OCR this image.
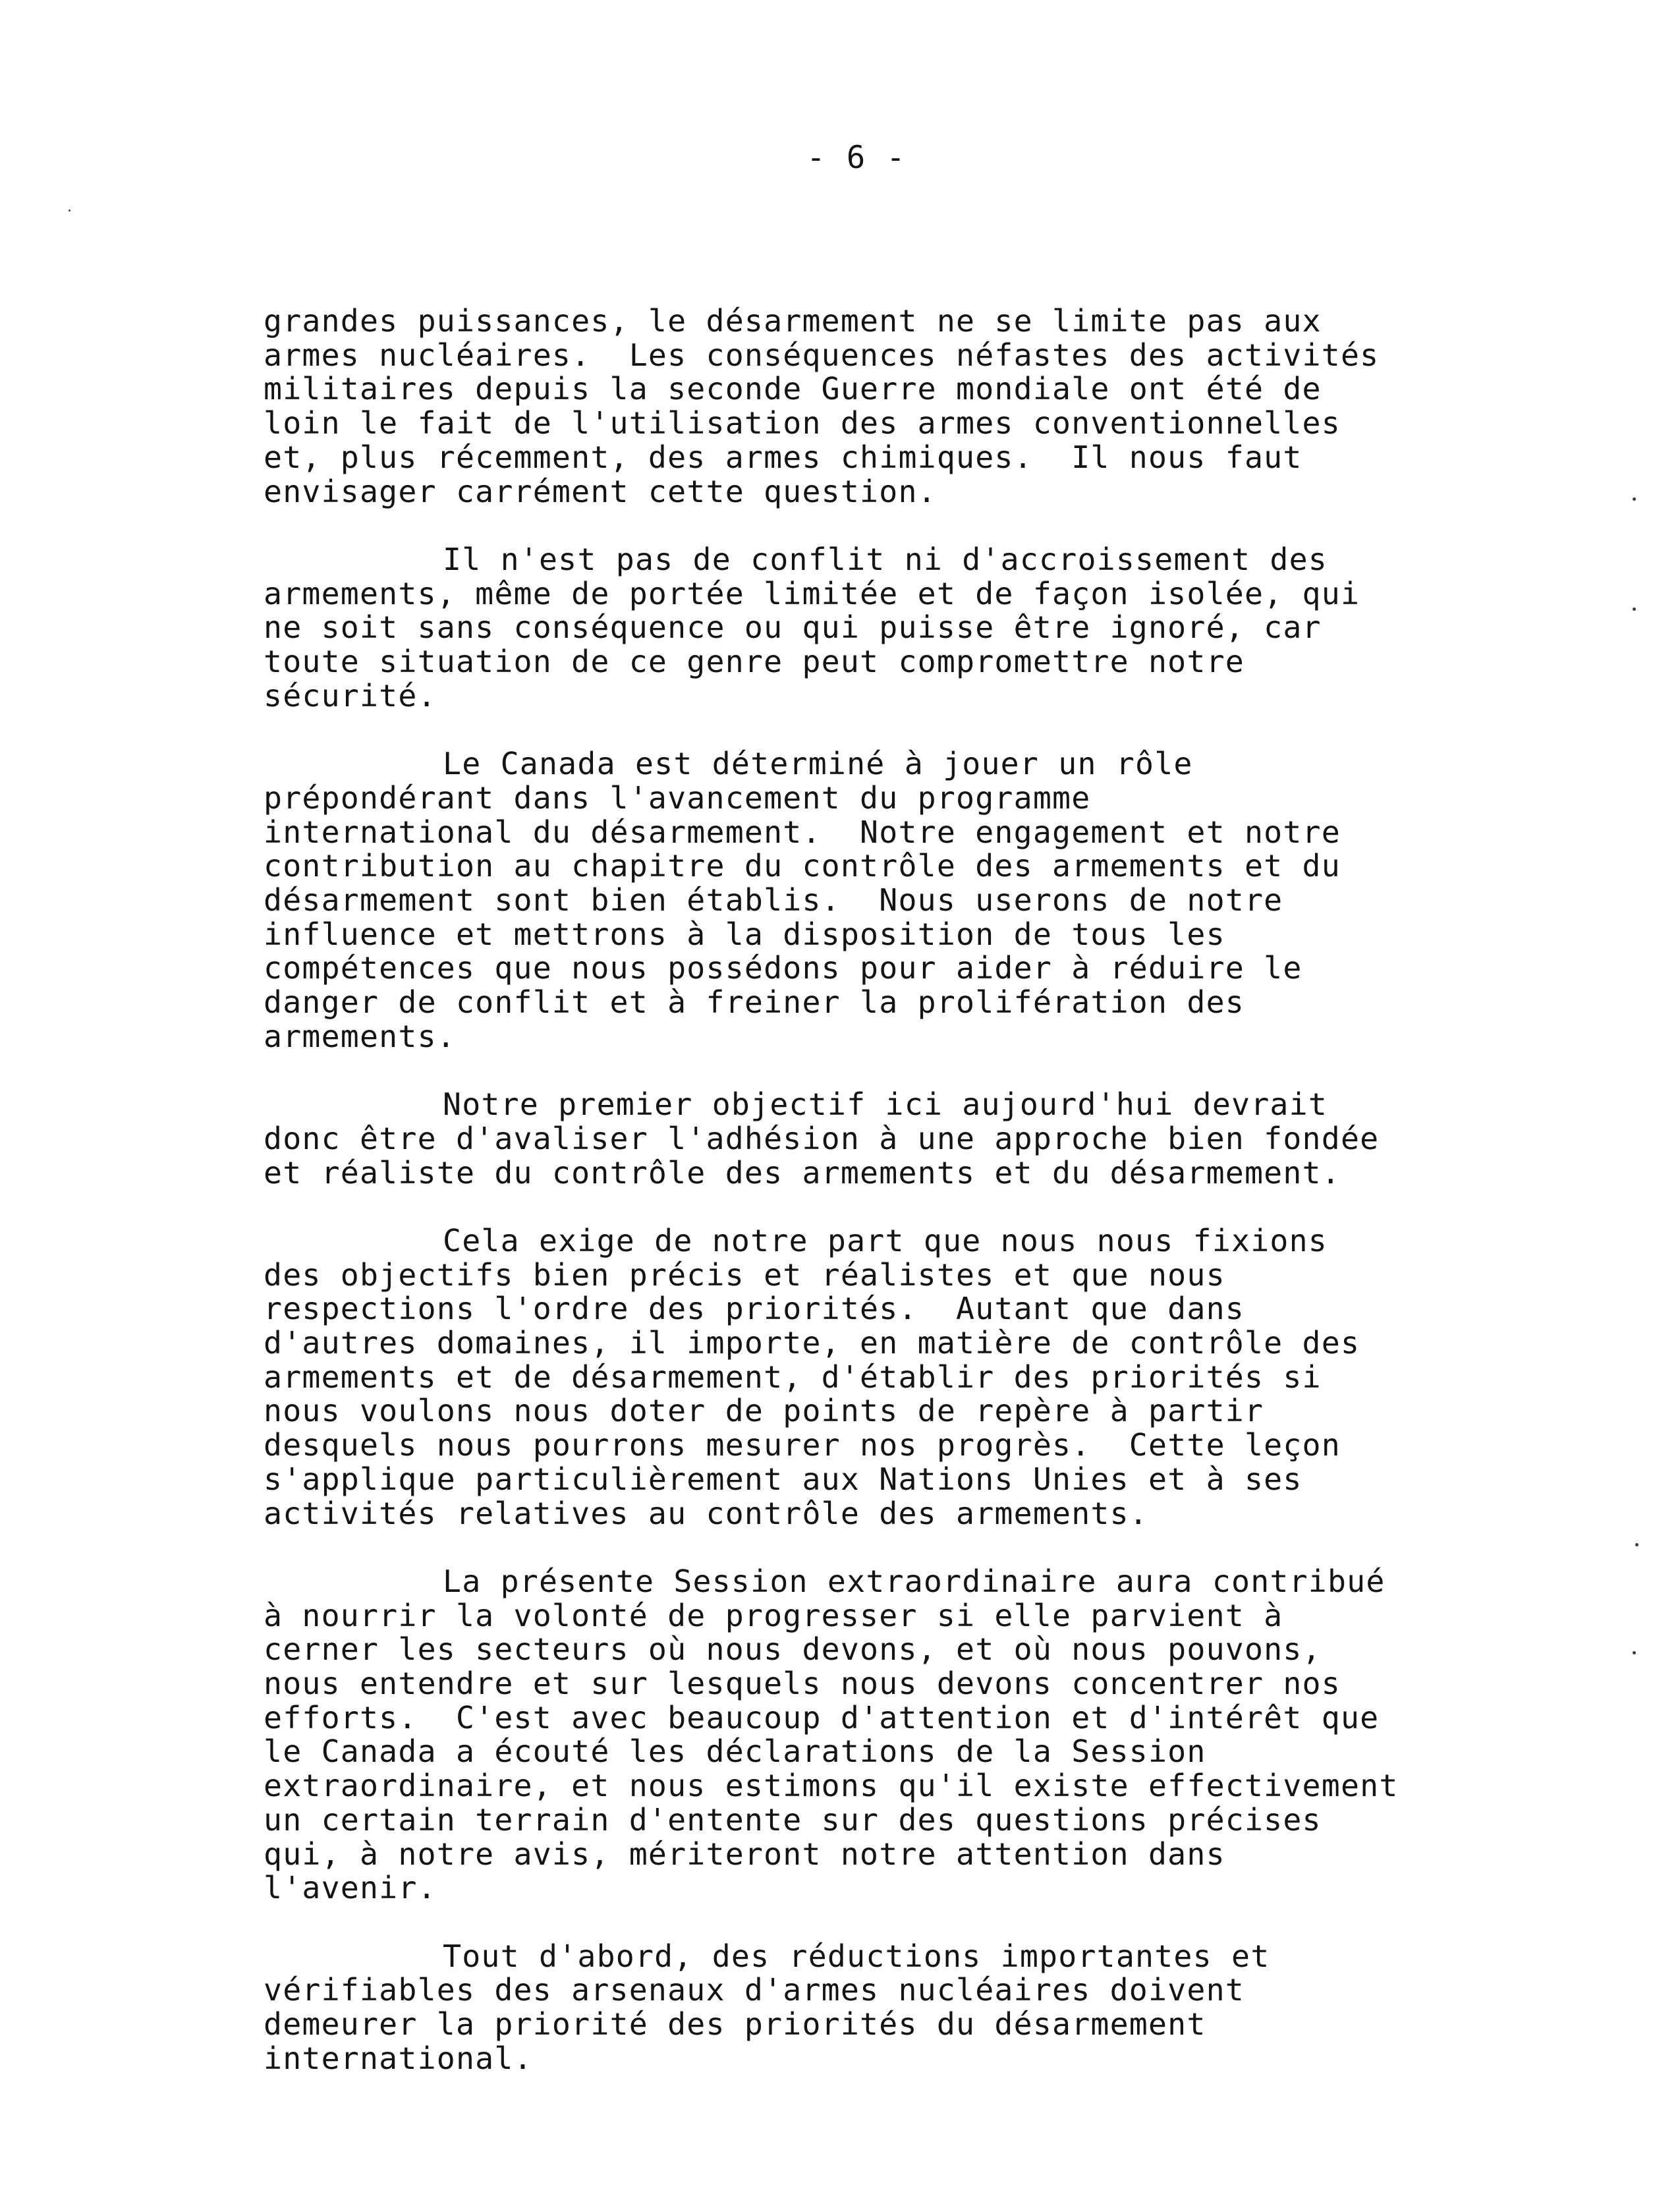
- 6 -
grandes puissances, le désarmement ne se limite pas aux
armes nucléaires.  Les conséquences néfastes des activités
militaires depuis la seconde Guerre mondiale ont été de
loin le fait de l'utilisation des armes conventionnelles
et, plus récemment, des armes chimiques.  Il nous faut
envisager carrément cette question.
Il n'est pas de conflit ni d'accroissement des
armements, même de portée limitée et de façon isolée, qui
ne soit sans conséquence ou qui puisse être ignoré, car
toute situation de ce genre peut compromettre notre
sécurité.
Le Canada est déterminé à jouer un rôle
prépondérant dans l'avancement du programme
international du désarmement.  Notre engagement et notre
contribution au chapitre du contrôle des armements et du
désarmement sont bien établis.  Nous userons de notre
influence et mettrons à la disposition de tous les
compétences que nous possédons pour aider à réduire le
danger de conflit et à freiner la prolifération des
armements.
Notre premier objectif ici aujourd'hui devrait
donc être d'avaliser l'adhésion à une approche bien fondée
et réaliste du contrôle des armements et du désarmement.
Cela exige de notre part que nous nous fixions
des objectifs bien précis et réalistes et que nous
respections l'ordre des priorités.  Autant que dans
d'autres domaines, il importe, en matière de contrôle des
armements et de désarmement, d'établir des priorités si
nous voulons nous doter de points de repère à partir
desquels nous pourrons mesurer nos progrès.  Cette leçon
s'applique particulièrement aux Nations Unies et à ses
activités relatives au contrôle des armements.
La présente Session extraordinaire aura contribué
à nourrir la volonté de progresser si elle parvient à
cerner les secteurs où nous devons, et où nous pouvons,
nous entendre et sur lesquels nous devons concentrer nos
efforts.  C'est avec beaucoup d'attention et d'intérêt que
le Canada a écouté les déclarations de la Session
extraordinaire, et nous estimons qu'il existe effectivement
un certain terrain d'entente sur des questions précises
qui, à notre avis, mériteront notre attention dans
l'avenir.
Tout d'abord, des réductions importantes et
vérifiables des arsenaux d'armes nucléaires doivent
demeurer la priorité des priorités du désarmement
international.
